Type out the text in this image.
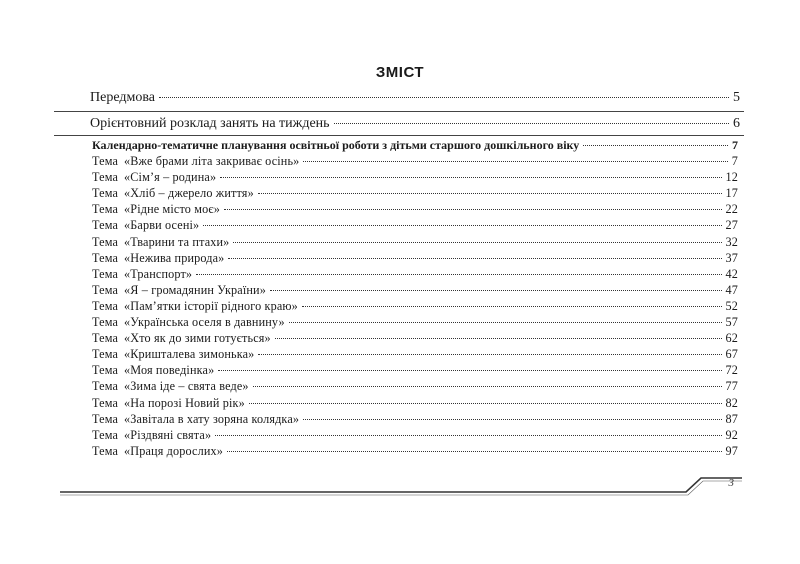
ЗМІСТ
Передмова	5
Орієнтовний розклад занять на тиждень	6
Календарно-тематичне планування освітньої роботи з дітьми старшого дошкільного віку	7
Тема «Вже брами літа закриває осінь»	7
Тема «Сім’я – родина»	12
Тема «Хліб – джерело життя»	17
Тема «Рідне місто моє»	22
Тема «Барви осені»	27
Тема «Тварини та птахи»	32
Тема «Нежива природа»	37
Тема «Транспорт»	42
Тема «Я – громадянин України»	47
Тема «Пам’ятки історії рідного краю»	52
Тема «Українська оселя в давнину»	57
Тема «Хто як до зими готується»	62
Тема «Кришталева зимонька»	67
Тема «Моя поведінка»	72
Тема «Зима іде – свята веде»	77
Тема «На порозі Новий рік»	82
Тема «Завітала в хату зоряна колядка»	87
Тема «Різдвяні свята»	92
Тема «Праця дорослих»	97
3
